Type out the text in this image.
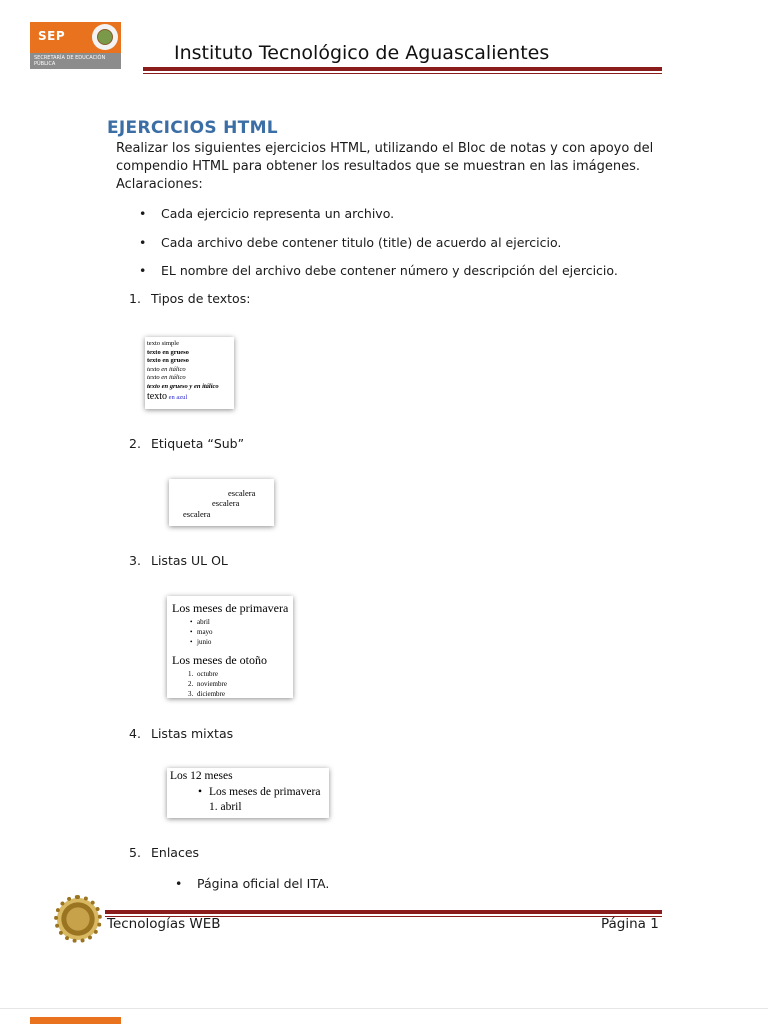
SEP
SECRETARÍA DE EDUCACIÓN PÚBLICA	Instituto Tecnológico de Aguascalientes
EJERCICIOS HTML
Realizar los siguientes ejercicios HTML, utilizando el Bloc de notas y con apoyo del
compendio HTML para obtener los resultados que se muestran en las imágenes.
Aclaraciones:
• Cada ejercicio representa un archivo.
• Cada archivo debe contener titulo (title) de acuerdo al ejercicio.
• EL nombre del archivo debe contener número y descripción del ejercicio.
1. Tipos de textos:
texto simple
texto en grueso
texto en grueso
texto en itálico
texto en itálico
texto en grueso y en itálico
texto en azul
2. Etiqueta “Sub”
escalera
escalera
escalera
3. Listas UL OL
Los meses de primavera
• abril
• mayo
• junio
Los meses de otoño
1. octubre
2. noviembre
3. diciembre
4. Listas mixtas
Los 12 meses
• Los meses de primavera
1. abril
5. Enlaces
• Página oficial del ITA.
Tecnologías WEB	Página 1
